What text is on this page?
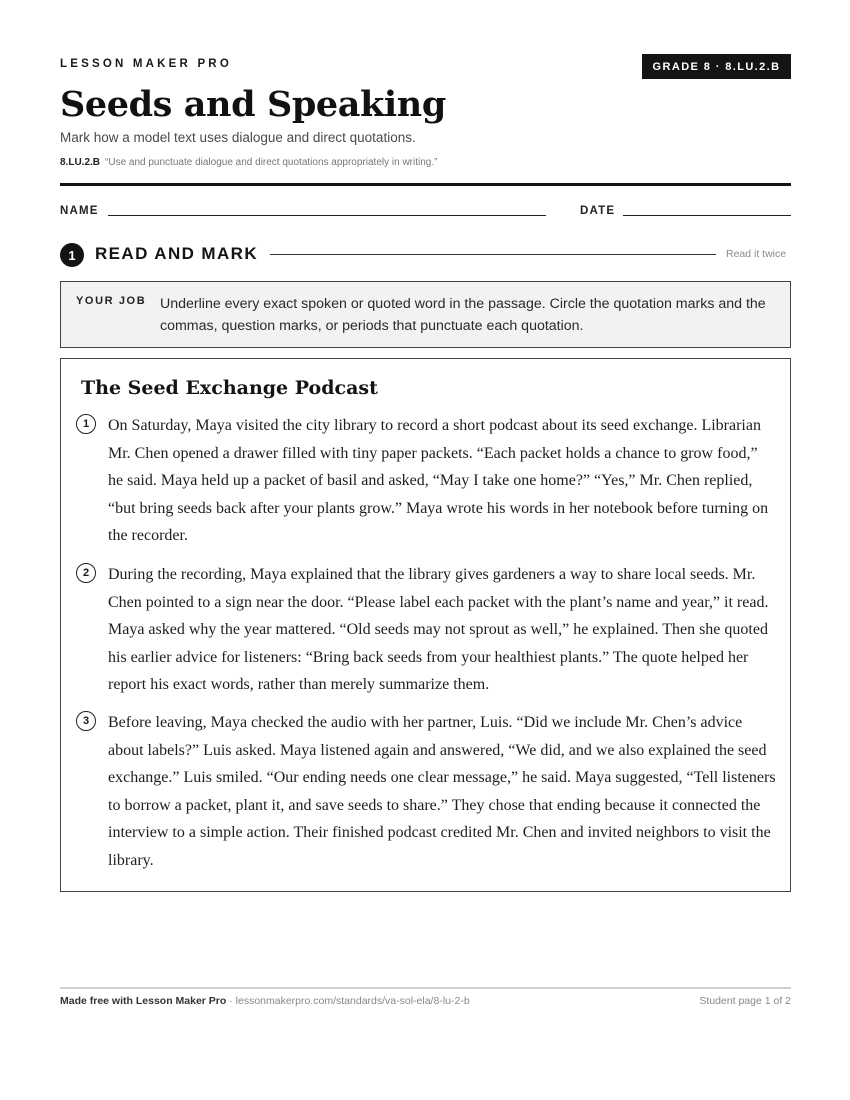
LESSON MAKER PRO	GRADE 8 · 8.LU.2.B
Seeds and Speaking
Mark how a model text uses dialogue and direct quotations.
8.LU.2.B “Use and punctuate dialogue and direct quotations appropriately in writing.”
NAME	DATE
1	READ AND MARK	Read it twice
YOUR JOB Underline every exact spoken or quoted word in the passage. Circle the quotation marks and the commas, question marks, or periods that punctuate each quotation.
The Seed Exchange Podcast
1	On Saturday, Maya visited the city library to record a short podcast about its seed exchange. Librarian Mr. Chen opened a drawer filled with tiny paper packets. “Each packet holds a chance to grow food,” he said. Maya held up a packet of basil and asked, “May I take one home?” “Yes,” Mr. Chen replied, “but bring seeds back after your plants grow.” Maya wrote his words in her notebook before turning on the recorder.
2	During the recording, Maya explained that the library gives gardeners a way to share local seeds. Mr. Chen pointed to a sign near the door. “Please label each packet with the plant’s name and year,” it read. Maya asked why the year mattered. “Old seeds may not sprout as well,” he explained. Then she quoted his earlier advice for listeners: “Bring back seeds from your healthiest plants.” The quote helped her report his exact words, rather than merely summarize them.
3	Before leaving, Maya checked the audio with her partner, Luis. “Did we include Mr. Chen’s advice about labels?” Luis asked. Maya listened again and answered, “We did, and we also explained the seed exchange.” Luis smiled. “Our ending needs one clear message,” he said. Maya suggested, “Tell listeners to borrow a packet, plant it, and save seeds to share.” They chose that ending because it connected the interview to a simple action. Their finished podcast credited Mr. Chen and invited neighbors to visit the library.
Made free with Lesson Maker Pro · lessonmakerpro.com/standards/va-sol-ela/8-lu-2-b	Student page 1 of 2
